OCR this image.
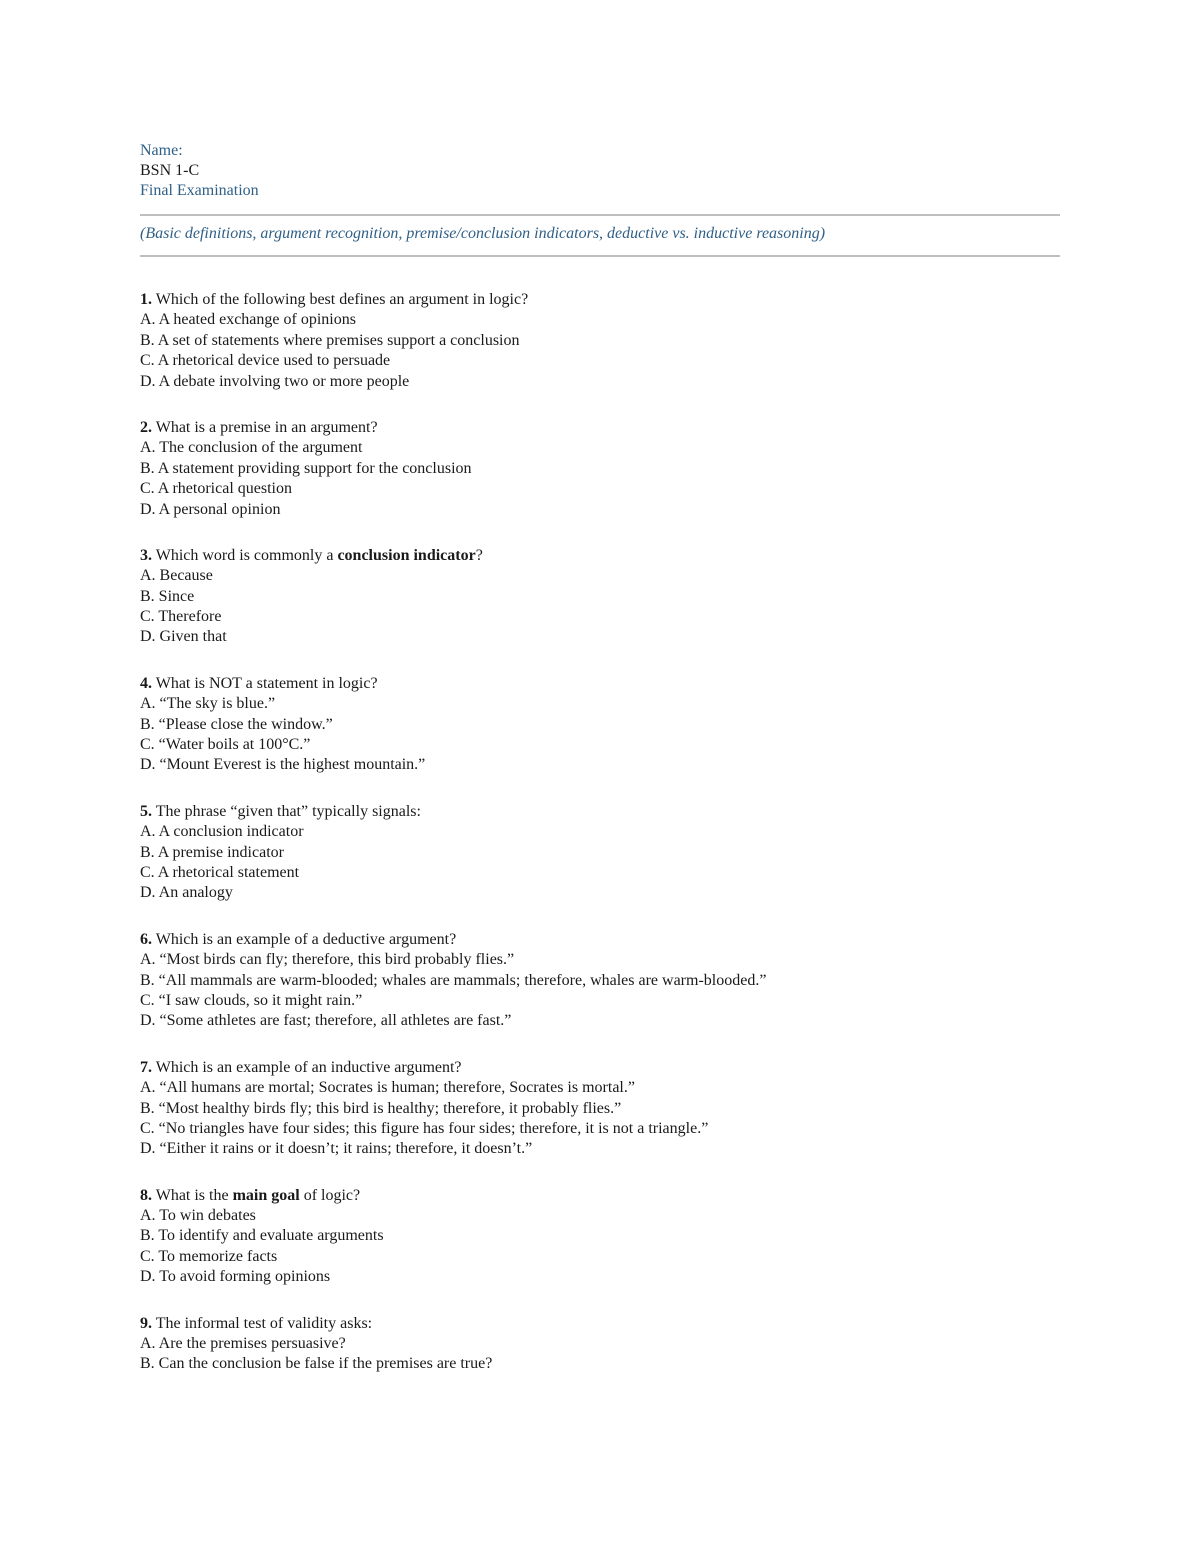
Name:
BSN 1-C
Final Examination
(Basic definitions, argument recognition, premise/conclusion indicators, deductive vs. inductive reasoning)
1. Which of the following best defines an argument in logic?
A. A heated exchange of opinions
B. A set of statements where premises support a conclusion
C. A rhetorical device used to persuade
D. A debate involving two or more people
2. What is a premise in an argument?
A. The conclusion of the argument
B. A statement providing support for the conclusion
C. A rhetorical question
D. A personal opinion
3. Which word is commonly a conclusion indicator?
A. Because
B. Since
C. Therefore
D. Given that
4. What is NOT a statement in logic?
A. “The sky is blue.”
B. “Please close the window.”
C. “Water boils at 100°C.”
D. “Mount Everest is the highest mountain.”
5. The phrase “given that” typically signals:
A. A conclusion indicator
B. A premise indicator
C. A rhetorical statement
D. An analogy
6. Which is an example of a deductive argument?
A. “Most birds can fly; therefore, this bird probably flies.”
B. “All mammals are warm-blooded; whales are mammals; therefore, whales are warm-blooded.”
C. “I saw clouds, so it might rain.”
D. “Some athletes are fast; therefore, all athletes are fast.”
7. Which is an example of an inductive argument?
A. “All humans are mortal; Socrates is human; therefore, Socrates is mortal.”
B. “Most healthy birds fly; this bird is healthy; therefore, it probably flies.”
C. “No triangles have four sides; this figure has four sides; therefore, it is not a triangle.”
D. “Either it rains or it doesn’t; it rains; therefore, it doesn’t.”
8. What is the main goal of logic?
A. To win debates
B. To identify and evaluate arguments
C. To memorize facts
D. To avoid forming opinions
9. The informal test of validity asks:
A. Are the premises persuasive?
B. Can the conclusion be false if the premises are true?
